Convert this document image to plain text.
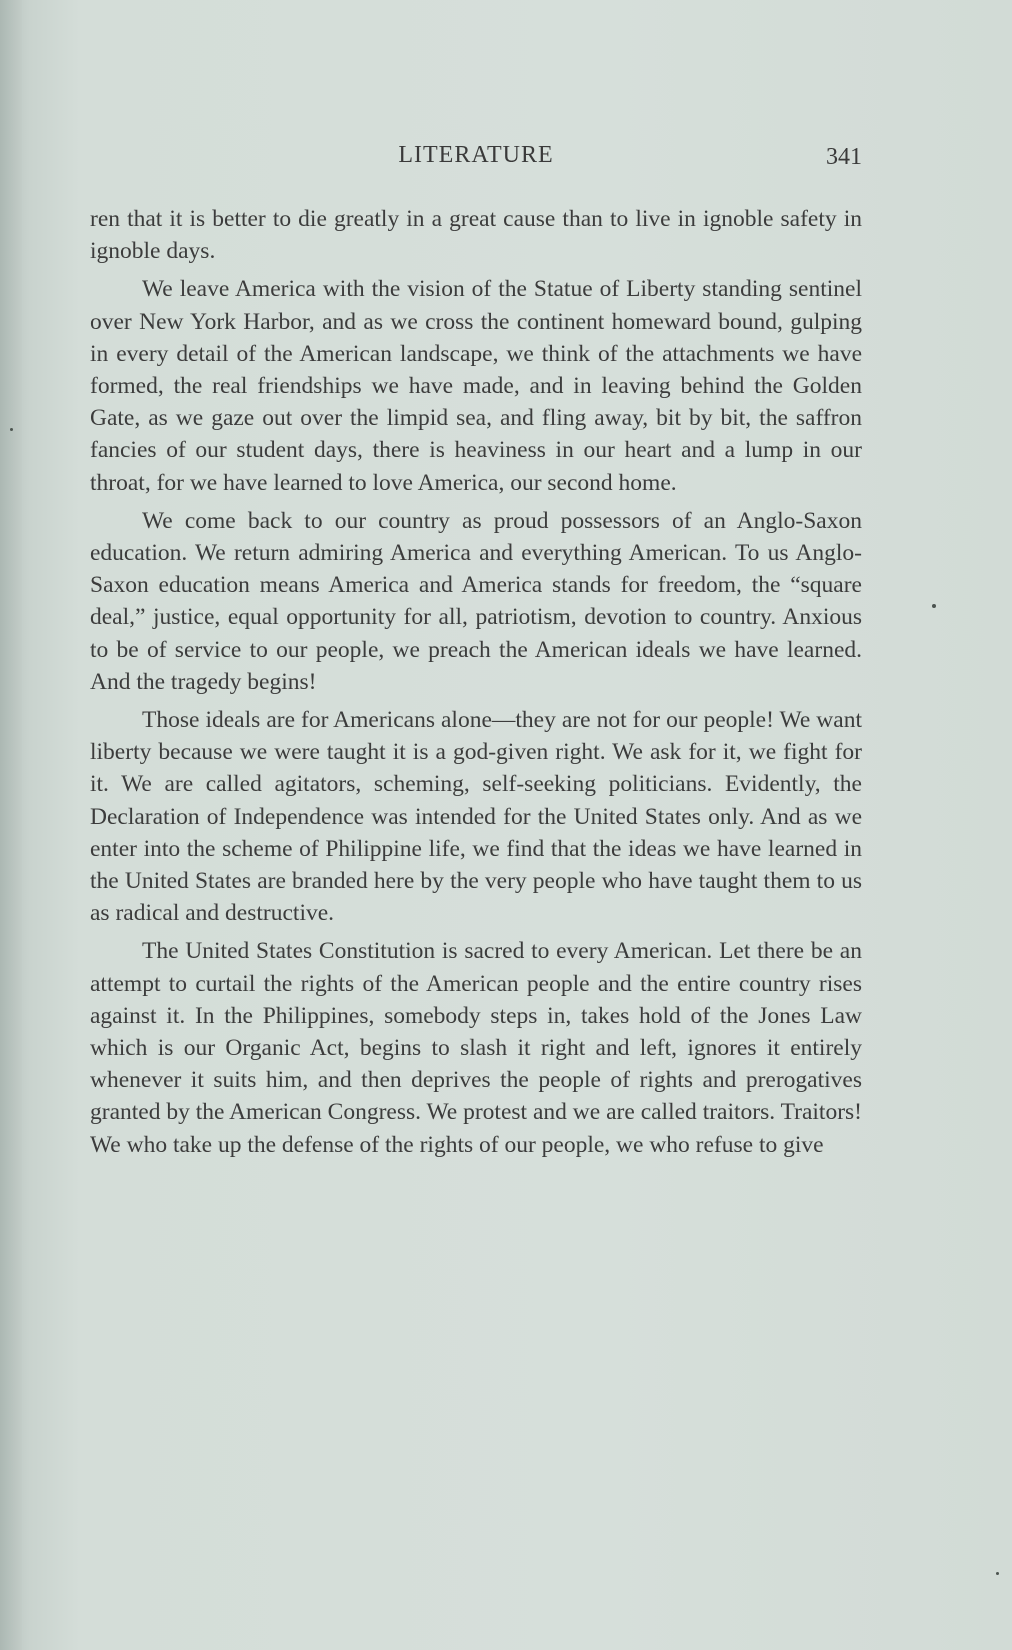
LITERATURE	341

ren that it is better to die greatly in a great cause than to live in ignoble safety in ignoble days.

We leave America with the vision of the Statue of Liberty standing sentinel over New York Harbor, and as we cross the continent homeward bound, gulping in every detail of the American landscape, we think of the attachments we have formed, the real friendships we have made, and in leaving behind the Golden Gate, as we gaze out over the limpid sea, and fling away, bit by bit, the saffron fancies of our student days, there is heaviness in our heart and a lump in our throat, for we have learned to love America, our second home.

We come back to our country as proud possessors of an Anglo-Saxon education. We return admiring America and everything American. To us Anglo-Saxon education means America and America stands for freedom, the “square deal,” justice, equal opportunity for all, patriotism, devotion to country. Anxious to be of service to our people, we preach the American ideals we have learned. And the tragedy begins!

Those ideals are for Americans alone—they are not for our people! We want liberty because we were taught it is a god-given right. We ask for it, we fight for it. We are called agitators, scheming, self-seeking politicians. Evidently, the Declaration of Independence was intended for the United States only. And as we enter into the scheme of Philippine life, we find that the ideas we have learned in the United States are branded here by the very people who have taught them to us as radical and destructive.

The United States Constitution is sacred to every American. Let there be an attempt to curtail the rights of the American people and the entire country rises against it. In the Philippines, somebody steps in, takes hold of the Jones Law which is our Organic Act, begins to slash it right and left, ignores it entirely whenever it suits him, and then deprives the people of rights and prerogatives granted by the American Congress. We protest and we are called traitors. Traitors! We who take up the defense of the rights of our people, we who refuse to give
